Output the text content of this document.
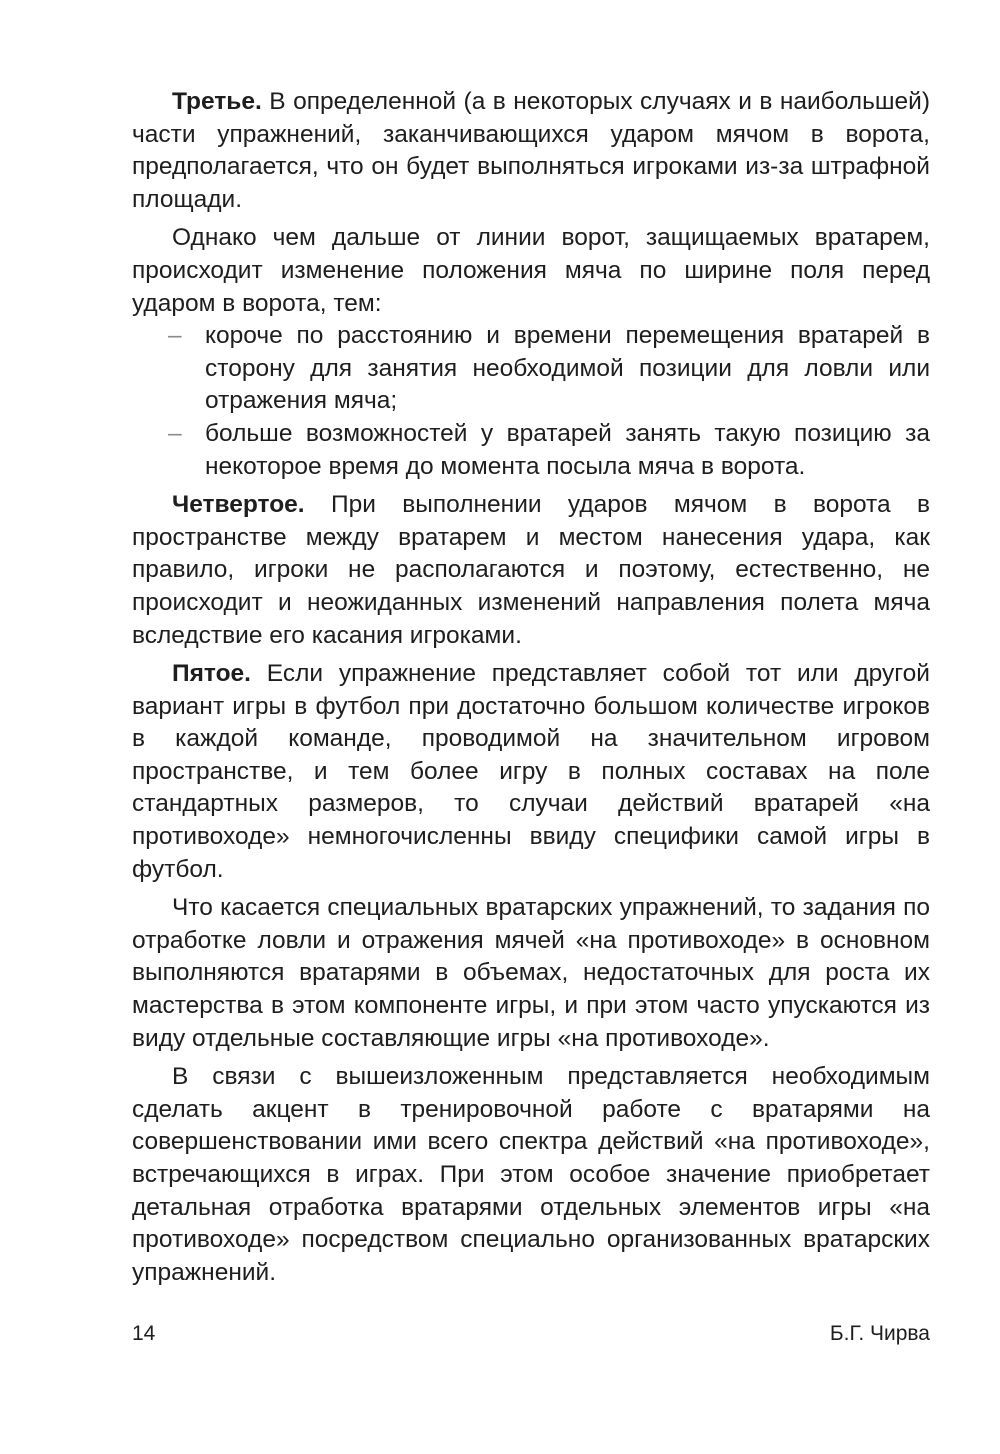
Третье. В определенной (а в некоторых случаях и в наибольшей) части упражнений, заканчивающихся ударом мячом в ворота, предполагается, что он будет выполняться игроками из-за штрафной площади.

Однако чем дальше от линии ворот, защищаемых вратарем, происходит изменение положения мяча по ширине поля перед ударом в ворота, тем:

– короче по расстоянию и времени перемещения вратарей в сторону для занятия необходимой позиции для ловли или отражения мяча;
– больше возможностей у вратарей занять такую позицию за некоторое время до момента посыла мяча в ворота.

Четвертое. При выполнении ударов мячом в ворота в пространстве между вратарем и местом нанесения удара, как правило, игроки не располагаются и поэтому, естественно, не происходит и неожиданных изменений направления полета мяча вследствие его касания игроками.

Пятое. Если упражнение представляет собой тот или другой вариант игры в футбол при достаточно большом количестве игроков в каждой команде, проводимой на значительном игровом пространстве, и тем более игру в полных составах на поле стандартных размеров, то случаи действий вратарей «на противоходе» немногочисленны ввиду специфики самой игры в футбол.

Что касается специальных вратарских упражнений, то задания по отработке ловли и отражения мячей «на противоходе» в основном выполняются вратарями в объемах, недостаточных для роста их мастерства в этом компоненте игры, и при этом часто упускаются из виду отдельные составляющие игры «на противоходе».

В связи с вышеизложенным представляется необходимым сделать акцент в тренировочной работе с вратарями на совершенствовании ими всего спектра действий «на противоходе», встречающихся в играх. При этом особое значение приобретает детальная отработка вратарями отдельных элементов игры «на противоходе» посредством специально организованных вратарских упражнений.

14	Б.Г. Чирва
